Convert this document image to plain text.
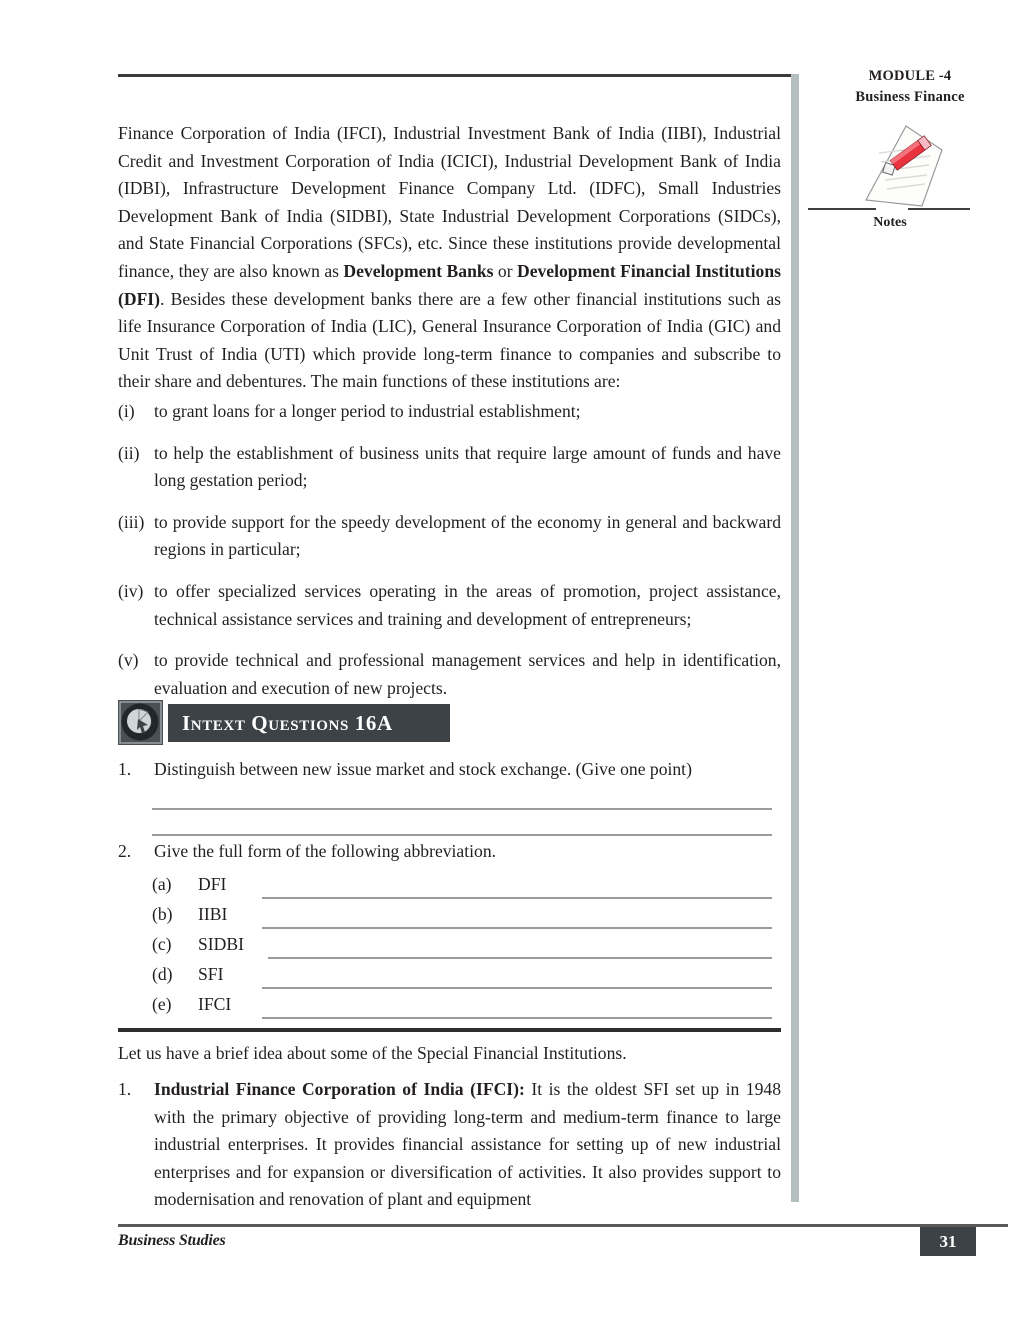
MODULE -4
Business Finance
Notes

Finance Corporation of India (IFCI), Industrial Investment Bank of India (IIBI), Industrial Credit and Investment Corporation of India (ICICI), Industrial Development Bank of India (IDBI), Infrastructure Development Finance Company Ltd. (IDFC), Small Industries Development Bank of India (SIDBI), State Industrial Development Corporations (SIDCs), and State Financial Corporations (SFCs), etc. Since these institutions provide developmental finance, they are also known as Development Banks or Development Financial Institutions (DFI). Besides these development banks there are a few other financial institutions such as life Insurance Corporation of India (LIC), General Insurance Corporation of India (GIC) and Unit Trust of India (UTI) which provide long-term finance to companies and subscribe to their share and debentures. The main functions of these institutions are:

(i)	to grant loans for a longer period to industrial establishment;
(ii) to help the establishment of business units that require large amount of funds and have long gestation period;
(iii) to provide support for the speedy development of the economy in general and backward regions in particular;
(iv) to offer specialized services operating in the areas of promotion, project assistance, technical assistance services and training and development of entrepreneurs;
(v) to provide technical and professional management services and help in identification, evaluation and execution of new projects.
Intext Questions 16A
1.	Distinguish between new issue market and stock exchange. (Give one point)
2.	Give the full form of the following abbreviation.
(a)	DFI
(b)	IIBI
(c)	SIDBI
(d)	SFI
(e)	IFCI

Let us have a brief idea about some of the Special Financial Institutions.

1.	Industrial Finance Corporation of India (IFCI): It is the oldest SFI set up in 1948 with the primary objective of providing long-term and medium-term finance to large industrial enterprises. It provides financial assistance for setting up of new industrial enterprises and for expansion or diversification of activities. It also provides support to modernisation and renovation of plant and equipment
Business Studies	31
